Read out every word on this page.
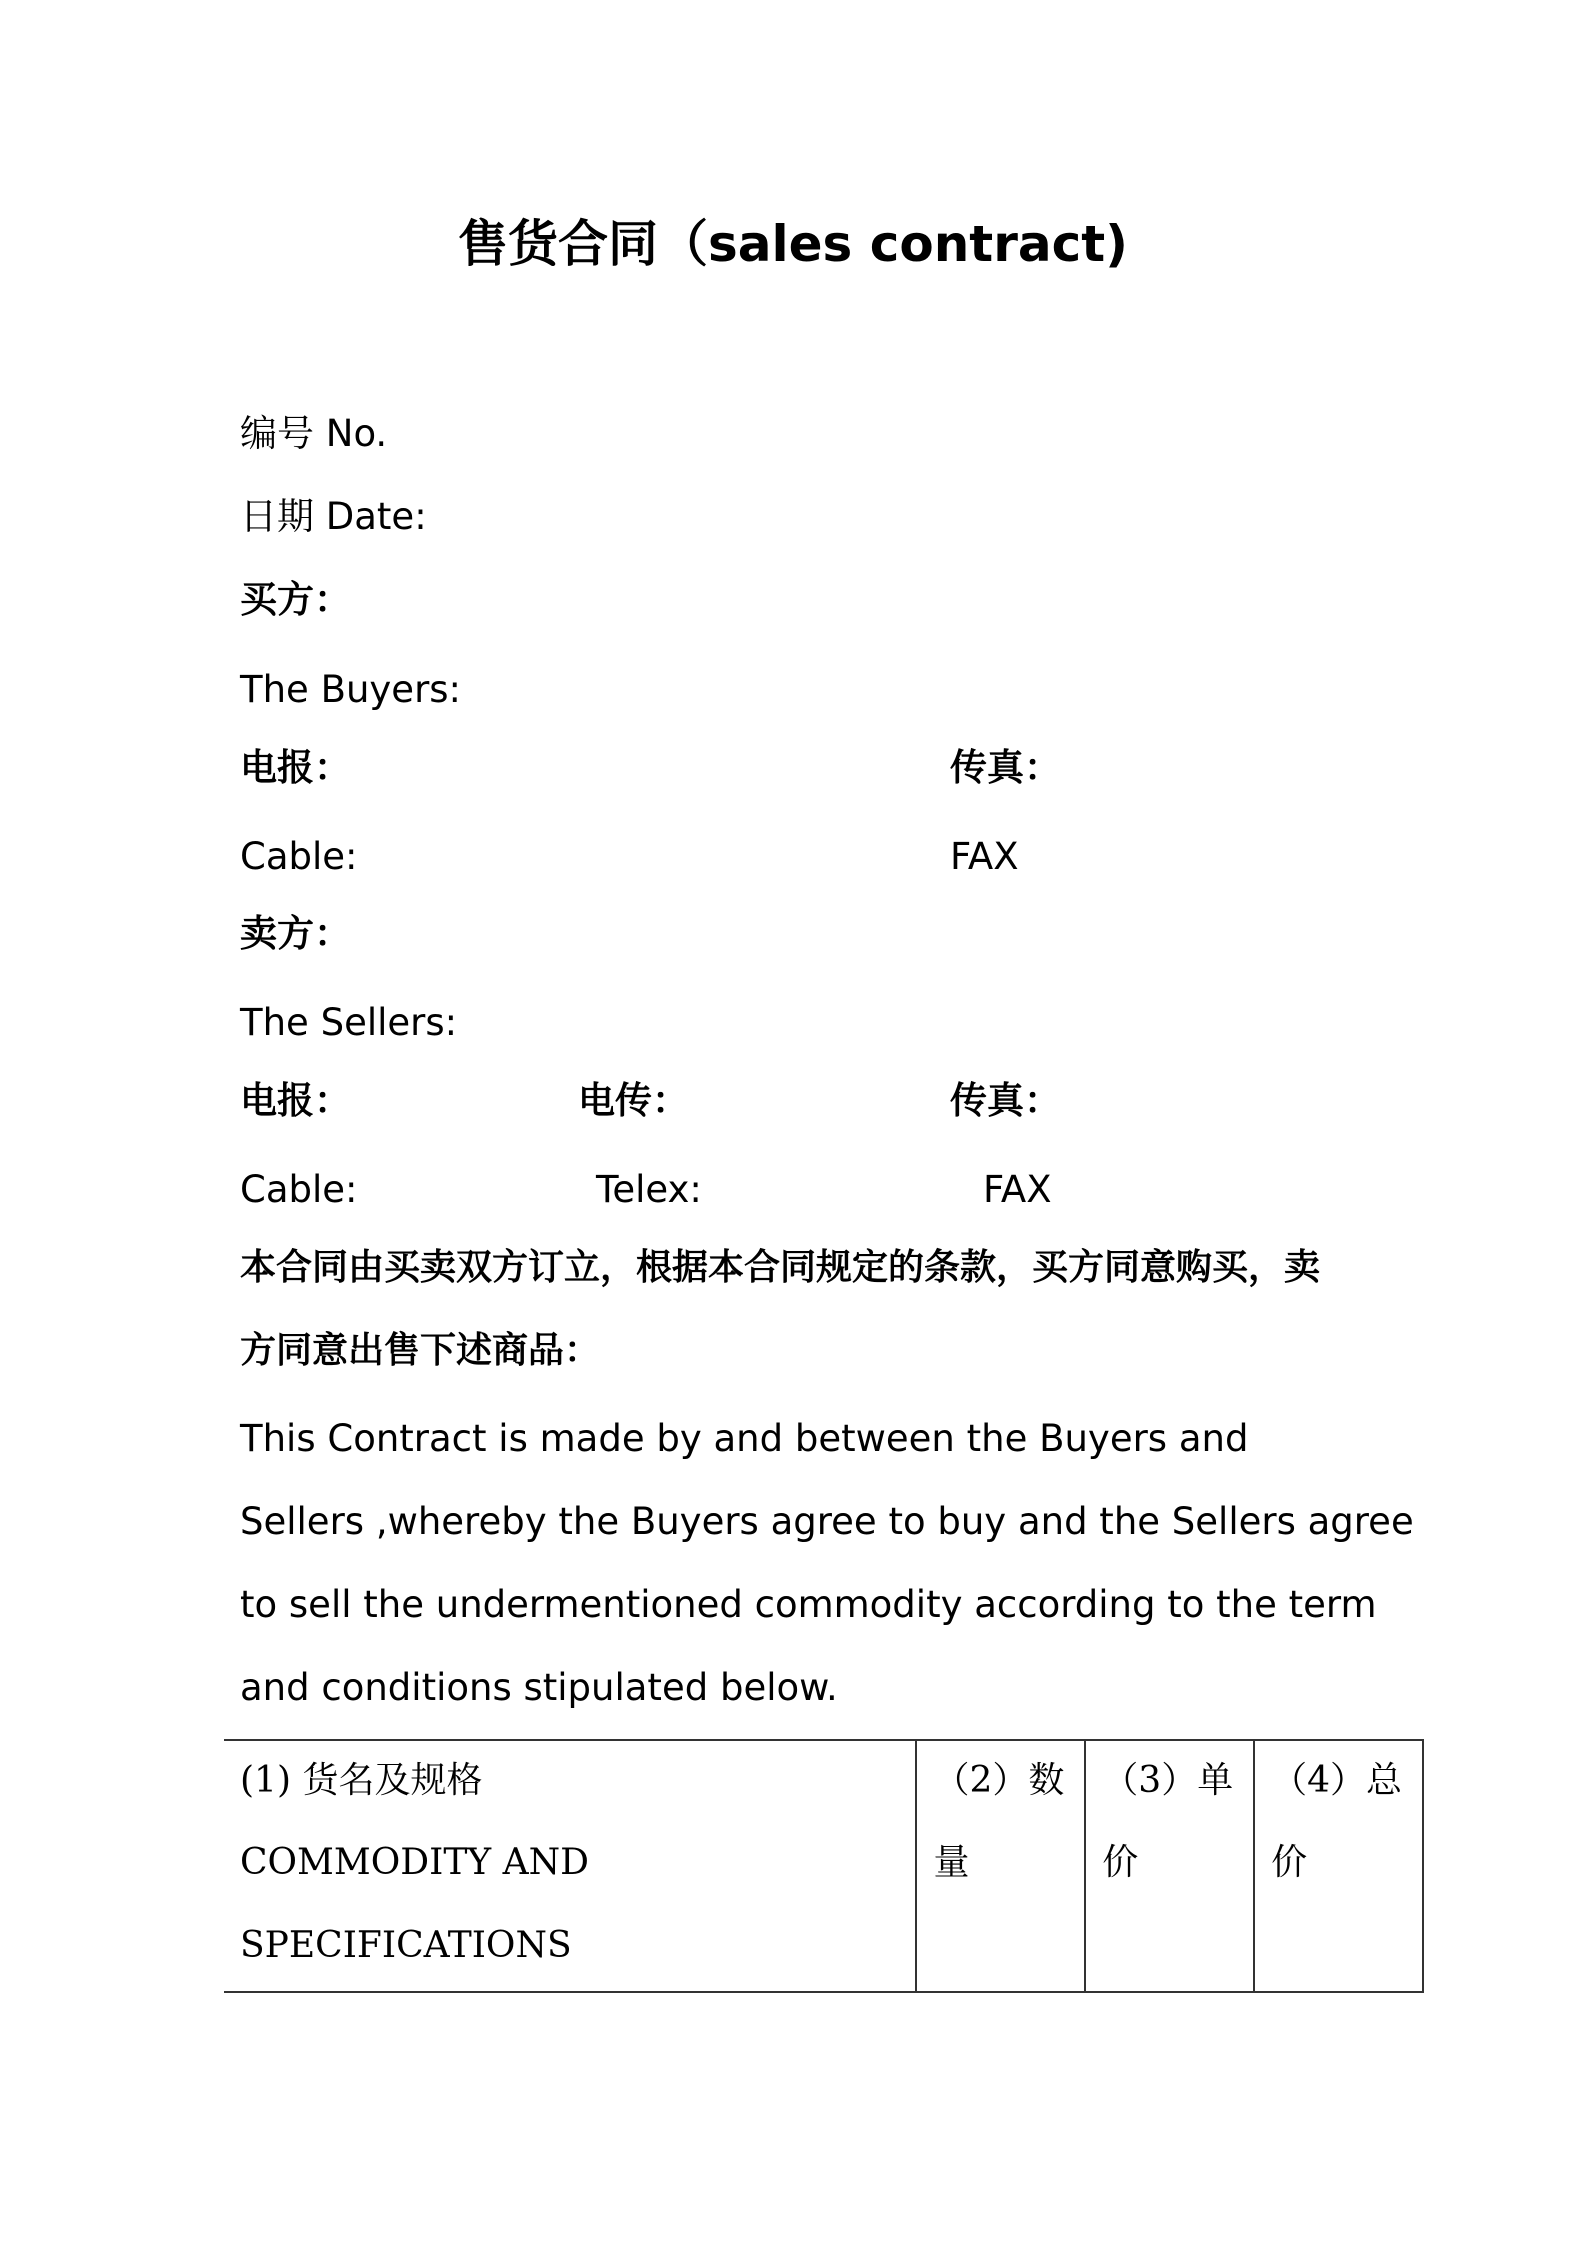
售货合同（sales contract)
编号 No.
日期 Date:
买方：
The Buyers:
电报：	传真：
Cable:	FAX
卖方：
The Sellers:
电报：	电传：	传真：
Cable:	Telex:	FAX
本合同由买卖双方订立，根据本合同规定的条款，买方同意购买，卖
方同意出售下述商品：
This Contract is made by and between the Buyers and
Sellers ,whereby the Buyers agree to buy and the Sellers agree
to sell the undermentioned commodity according to the term
and conditions stipulated below.
(1) 货名及规格
COMMODITY AND
SPECIFICATIONS

（2）数
量

（3）单
价

（4）总
价
